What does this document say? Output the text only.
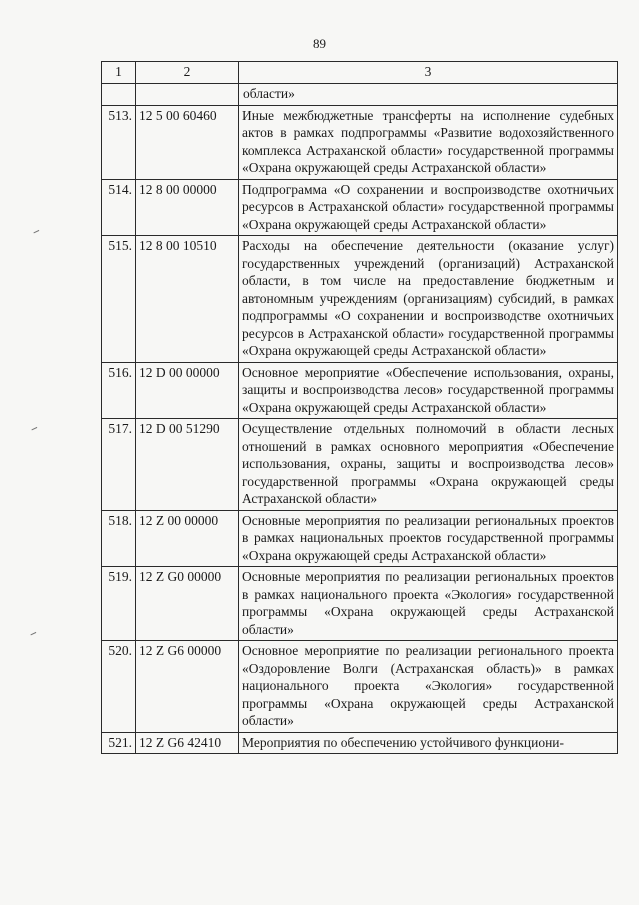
89
1	2	3
		области»
513.	12 5 00 60460	Иные межбюджетные трансферты на исполнение судебных актов в рамках подпрограммы «Развитие водохозяйственного комплекса Астраханской области» государственной программы «Охрана окружающей среды Астраханской области»
514.	12 8 00 00000	Подпрограмма «О сохранении и воспроизводстве охотничьих ресурсов в Астраханской области» государственной программы «Охрана окружающей среды Астраханской области»
515.	12 8 00 10510	Расходы на обеспечение деятельности (оказание услуг) государственных учреждений (организаций) Астраханской области, в том числе на предоставление бюджетным и автономным учреждениям (организациям) субсидий, в рамках подпрограммы «О сохранении и воспроизводстве охотничьих ресурсов в Астраханской области» государственной программы «Охрана окружающей среды Астраханской области»
516.	12 D 00 00000	Основное мероприятие «Обеспечение использования, охраны, защиты и воспроизводства лесов» государственной программы «Охрана окружающей среды Астраханской области»
517.	12 D 00 51290	Осуществление отдельных полномочий в области лесных отношений в рамках основного мероприятия «Обеспечение использования, охраны, защиты и воспроизводства лесов» государственной программы «Охрана окружающей среды Астраханской области»
518.	12 Z 00 00000	Основные мероприятия по реализации региональных проектов в рамках национальных проектов государственной программы «Охрана окружающей среды Астраханской области»
519.	12 Z G0 00000	Основные мероприятия по реализации региональных проектов в рамках национального проекта «Экология» государственной программы «Охрана окружающей среды Астраханской области»
520.	12 Z G6 00000	Основное мероприятие по реализации регионального проекта «Оздоровление Волги (Астраханская область)» в рамках национального проекта «Экология» государственной программы «Охрана окружающей среды Астраханской области»
521.	12 Z G6 42410	Мероприятия по обеспечению устойчивого функциони-
